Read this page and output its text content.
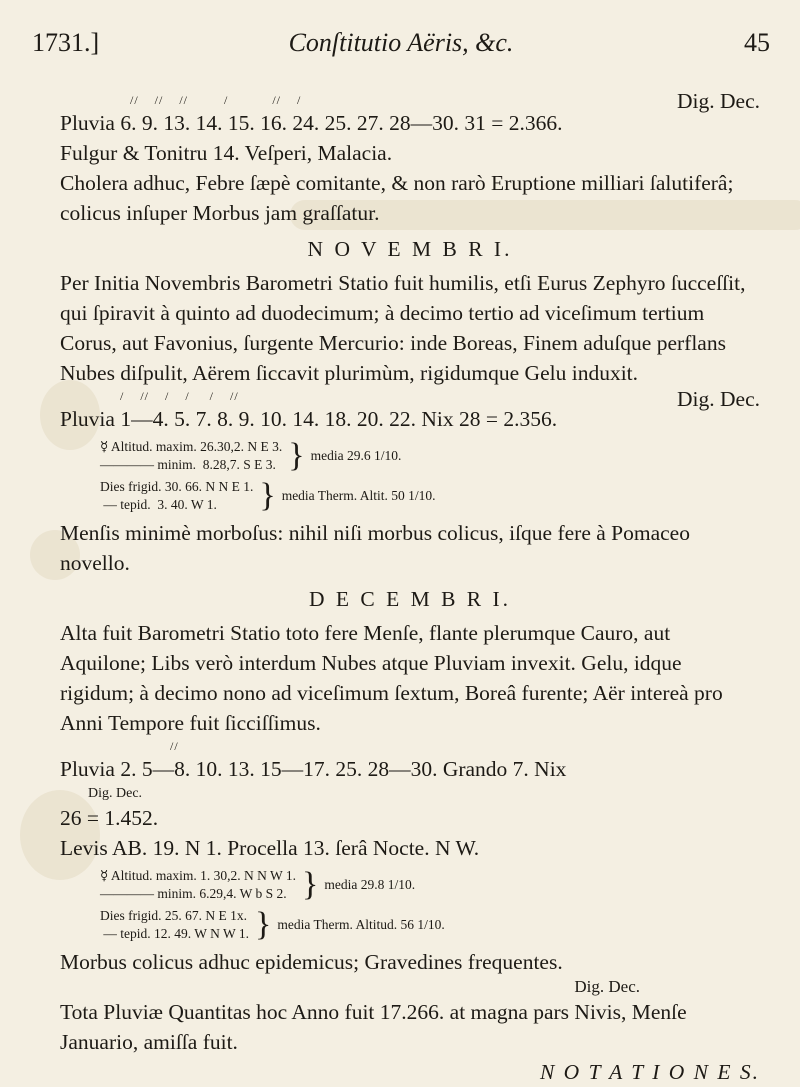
1731.]	Conſtitutio Aëris, &c.	45
//    //    //         /           //    /
Pluvia 6. 9. 13. 14. 15. 16. 24. 25. 27. 28—30. 31 = 2.366.
Dig. Dec.

Fulgur & Tonitru 14. Veſperi, Malacia.

Cholera adhuc, Febre ſæpè comitante, & non rarò Eruptione milliari ſalutiferâ; colicus inſuper Morbus jam graſſatur.

N O V E M B R I.

Per Initia Novembris Barometri Statio fuit humilis, etſi Eurus Zephyro ſucceſſit, qui ſpiravit à quinto ad duodecimum; à decimo tertio ad viceſimum tertium Corus, aut Favonius, ſurgente Mercurio: inde Boreas, Finem aduſque perflans Nubes diſpulit, Aërem ſiccavit plurimùm, rigidumque Gelu induxit.

/    //    /    /     /    //
Pluvia 1—4. 5. 7. 8. 9. 10. 14. 18. 20. 22. Nix 28 = 2.356.
Dig. Dec.
☿ Altitud. maxim. 26.30,2. N E 3.
———— minim.  8.28,7. S E 3. } media 29.6 1/10.
Dies frigid. 30. 66. N N E 1.
— tepid.  3. 40. W 1.	} media Therm. Altit. 50 1/10.

Menſis minimè morboſus: nihil niſi morbus colicus, iſque fere à Pomaceo novello.

D E C E M B R I.

Alta fuit Barometri Statio toto fere Menſe, flante plerumque Cauro, aut Aquilone; Libs verò interdum Nubes atque Pluviam invexit. Gelu, idque rigidum; à decimo nono ad viceſimum ſextum, Boreâ furente; Aër intereà pro Anni Tempore fuit ſicciſſimus.

//
Pluvia 2. 5—8. 10. 13. 15—17. 25. 28—30. Grando 7. Nix
Dig. Dec.
26 = 1.452.

Levis AB. 19. N 1. Procella 13. ſerâ Nocte. N W.

☿ Altitud. maxim. 1. 30,2. N N W 1.
———— minim. 6.29,4. W b S 2. } media 29.8 1/10.
Dies frigid. 25. 67. N E 1x.
— tepid. 12. 49. W N W 1. } media Therm. Altitud. 56 1/10.

Morbus colicus adhuc epidemicus; Gravedines frequentes.

Dig. Dec.

Tota Pluviæ Quantitas hoc Anno fuit 17.266. at magna pars Nivis, Menſe Januario, amiſſa fuit.

N O T A T I O N E S.
